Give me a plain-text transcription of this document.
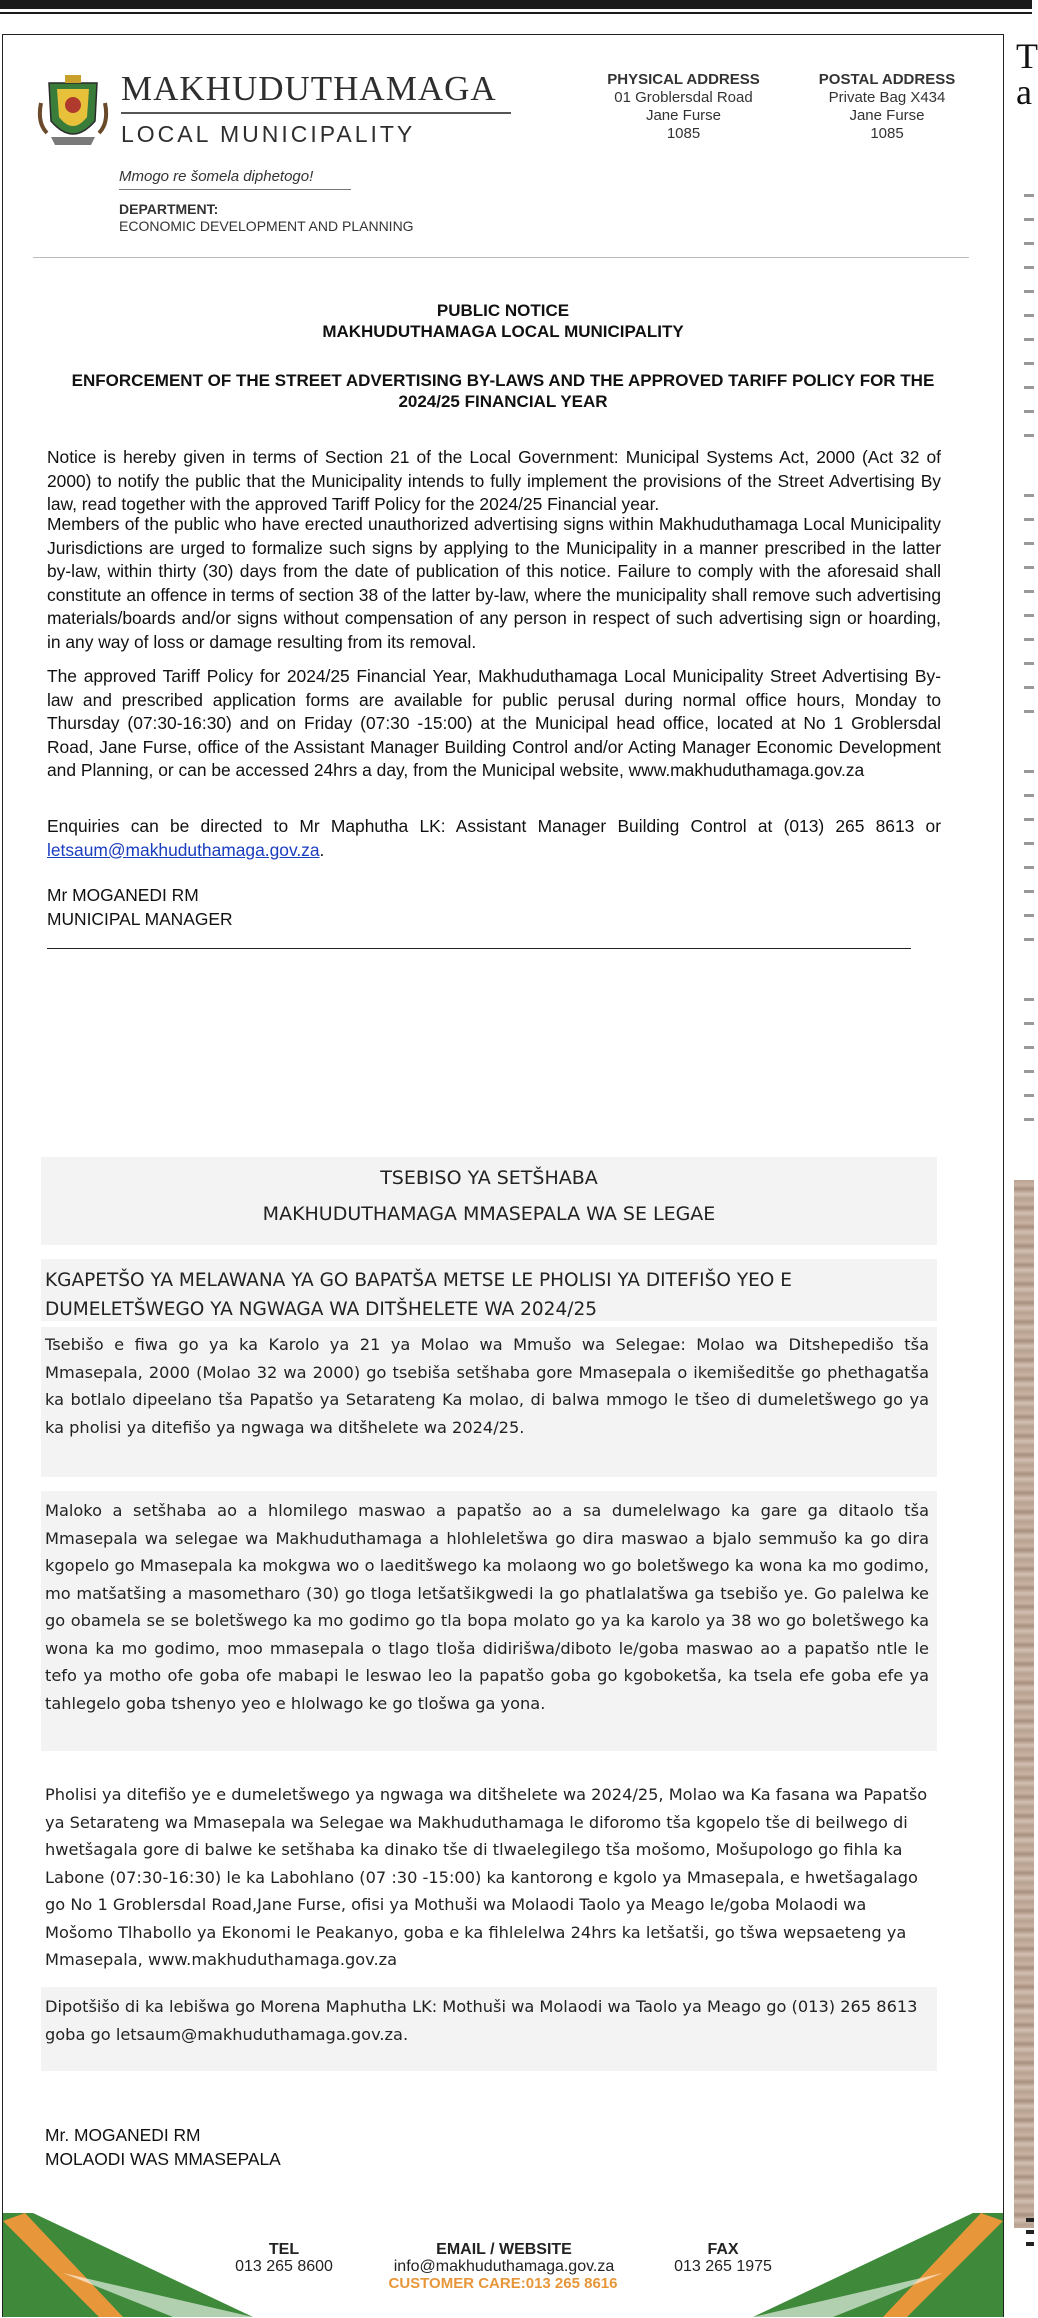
MAKHUDUTHAMAGA
LOCAL MUNICIPALITY
Mmogo re šomela diphetogo!
DEPARTMENT:
ECONOMIC DEVELOPMENT AND PLANNING
PHYSICAL ADDRESS
01 Groblersdal Road
Jane Furse
1085
POSTAL ADDRESS
Private Bag X434
Jane Furse
1085
PUBLIC NOTICE
MAKHUDUTHAMAGA LOCAL MUNICIPALITY
ENFORCEMENT OF THE STREET ADVERTISING BY-LAWS AND THE APPROVED TARIFF POLICY FOR THE 2024/25 FINANCIAL YEAR
Notice is hereby given in terms of Section 21 of the Local Government: Municipal Systems Act, 2000 (Act 32 of 2000) to notify the public that the Municipality intends to fully implement the provisions of the Street Advertising By law, read together with the approved Tariff Policy for the 2024/25 Financial year.
Members of the public who have erected unauthorized advertising signs within Makhuduthamaga Local Municipality Jurisdictions are urged to formalize such signs by applying to the Municipality in a manner prescribed in the latter by-law, within thirty (30) days from the date of publication of this notice. Failure to comply with the aforesaid shall constitute an offence in terms of section 38 of the latter by-law, where the municipality shall remove such advertising materials/boards and/or signs without compensation of any person in respect of such advertising sign or hoarding, in any way of loss or damage resulting from its removal.
The approved Tariff Policy for 2024/25 Financial Year, Makhuduthamaga Local Municipality Street Advertising By-law and prescribed application forms are available for public perusal during normal office hours, Monday to Thursday (07:30-16:30) and on Friday (07:30 -15:00) at the Municipal head office, located at No 1 Groblersdal Road, Jane Furse, office of the Assistant Manager Building Control and/or Acting Manager Economic Development and Planning, or can be accessed 24hrs a day, from the Municipal website, www.makhuduthamaga.gov.za
Enquiries can be directed to Mr Maphutha LK: Assistant Manager Building Control at (013) 265 8613 or letsaum@makhuduthamaga.gov.za.
Mr MOGANEDI RM
MUNICIPAL MANAGER
TSEBISO YA SETŠHABA
MAKHUDUTHAMAGA MMASEPALA WA SE LEGAE
KGAPETŠO YA MELAWANA YA GO BAPATŠA METSE LE PHOLISI YA DITEFIŠO YEO E DUMELETŠWEGO YA NGWAGA WA DITŠHELETE WA 2024/25
Tsebišo e fiwa go ya ka Karolo ya 21 ya Molao wa Mmušo wa Selegae: Molao wa Ditshepedišo tša Mmasepala, 2000 (Molao 32 wa 2000) go tsebiša setšhaba gore Mmasepala o ikemišeditše go phethagatša ka botlalo dipeelano tša Papatšo ya Setarateng Ka molao, di balwa mmogo le tšeo di dumeletšwego go ya ka pholisi ya ditefišo ya ngwaga wa ditšhelete wa 2024/25.
Maloko a setšhaba ao a hlomilego maswao a papatšo ao a sa dumelelwago ka gare ga ditaolo tša Mmasepala wa selegae wa Makhuduthamaga a hlohleletšwa go dira maswao a bjalo semmušo ka go dira kgopelo go Mmasepala ka mokgwa wo o laeditšwego ka molaong wo go boletšwego ka wona ka mo godimo, mo matšatšing a masometharo (30) go tloga letšatšikgwedi la go phatlalatšwa ga tsebišo ye. Go palelwa ke go obamela se se boletšwego ka mo godimo go tla bopa molato go ya ka karolo ya 38 wo go boletšwego ka wona ka mo godimo, moo mmasepala o tlago tloša didirišwa/diboto le/goba maswao ao a papatšo ntle le tefo ya motho ofe goba ofe mabapi le leswao leo la papatšo goba go kgoboketša, ka tsela efe goba efe ya tahlegelo goba tshenyo yeo e hlolwago ke go tlošwa ga yona.
Pholisi ya ditefišo ye e dumeletšwego ya ngwaga wa ditšhelete wa 2024/25, Molao wa Ka fasana wa Papatšo ya Setarateng wa Mmasepala wa Selegae wa Makhuduthamaga le diforomo tša kgopelo tše di beilwego di hwetšagala gore di balwe ke setšhaba ka dinako tše di tlwaelegilego tša mošomo, Mošupologo go fihla ka Labone (07:30-16:30) le ka Labohlano (07 :30 -15:00) ka kantorong e kgolo ya Mmasepala, e hwetšagalago go No 1 Groblersdal Road,Jane Furse, ofisi ya Mothuši wa Molaodi Taolo ya Meago le/goba Molaodi wa Mošomo Tlhabollo ya Ekonomi le Peakanyo, goba e ka fihlelelwa 24hrs ka letšatši, go tšwa wepsaeteng ya Mmasepala, www.makhuduthamaga.gov.za
Dipotšišo di ka lebišwa go Morena Maphutha LK: Mothuši wa Molaodi wa Taolo ya Meago go (013) 265 8613 goba go letsaum@makhuduthamaga.gov.za.
Mr. MOGANEDI RM
MOLAODI WAS MMASEPALA
TEL
013 265 8600
EMAIL / WEBSITE
info@makhuduthamaga.gov.za
FAX
013 265 1975
CUSTOMER CARE:013 265 8616
T
a
